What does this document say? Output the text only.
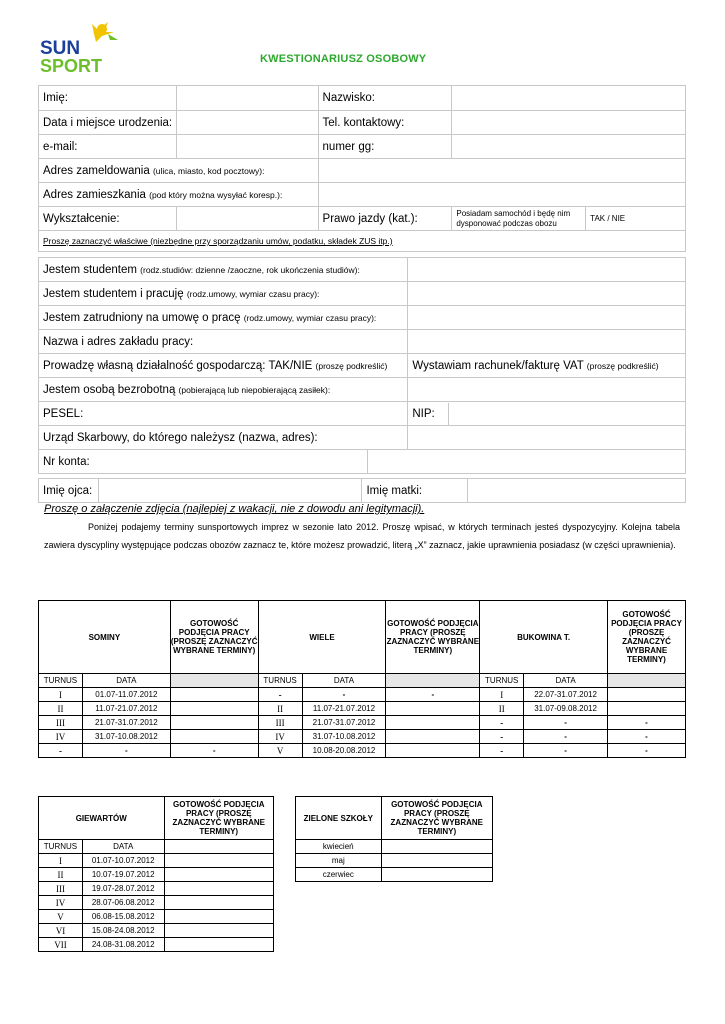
SUN
SPORT	KWESTIONARIUSZ OSOBOWY
Imię:		Nazwisko:		
Data i miejsce urodzenia:		Tel. kontaktowy:		
e-mail:		numer gg:		
Adres zameldowania (ulica, miasto, kod pocztowy):				
Adres zamieszkania (pod który można wysyłać koresp.):				
Wykształcenie:		Prawo jazdy (kat.):	Posiadam samochód i będę nim dysponować podczas obozu	TAK / NIE
Proszę zaznaczyć właściwe (niezbędne przy sporządzaniu umów, podatku, składek ZUS itp.)				
Jestem studentem (rodz.studiów: dzienne /zaoczne, rok ukończenia studiów):	
Jestem studentem i pracuję (rodz.umowy, wymiar czasu pracy):	
Jestem zatrudniony na umowę o pracę (rodz.umowy, wymiar czasu pracy):	
Nazwa i adres zakładu pracy:	
Prowadzę własną działalność gospodarczą: TAK/NIE (proszę podkreślić)	Wystawiam rachunek/fakturę VAT (proszę podkreślić)
Jestem osobą bezrobotną (pobierającą lub niepobierającą zasiłek):	
PESEL:		NIP:	

Urząd Skarbowy, do którego należysz (nazwa, adres):	
Nr konta:	
Imię ojca:		Imię matki:	
Proszę o załączenie zdjęcia (najlepiej z wakacji, nie z dowodu ani legitymacji).
Poniżej podajemy terminy sunsportowych imprez w sezonie lato 2012. Proszę wpisać, w których terminach jesteś dyspozycyjny. Kolejna tabela zawiera dyscypliny występujące podczas obozów zaznacz te, które możesz prowadzić, literą „X” zaznacz, jakie uprawnienia posiadasz (w części uprawnienia).
SOMINY		GOTOWOŚĆ PODJĘCIA PRACY (PROSZĘ ZAZNACZYĆ WYBRANE TERMINY)	WIELE		GOTOWOŚĆ PODJĘCIA PRACY (PROSZĘ ZAZNACZYĆ WYBRANE TERMINY)	BUKOWINA T.		GOTOWOŚĆ PODJĘCIA PRACY (PROSZĘ ZAZNACZYĆ WYBRANE TERMINY)
TURNUS	DATA		TURNUS	DATA		TURNUS	DATA	
I	01.07-11.07.2012		-	-	-	I	22.07-31.07.2012	
II	11.07-21.07.2012		II	11.07-21.07.2012		II	31.07-09.08.2012	
III	21.07-31.07.2012		III	21.07-31.07.2012		-	-	-
IV	31.07-10.08.2012		IV	31.07-10.08.2012		-	-	-
-	-	-	V	10.08-20.08.2012		-	-	-
GIEWARTÓW		GOTOWOŚĆ PODJĘCIA PRACY (PROSZĘ ZAZNACZYĆ WYBRANE TERMINY)
TURNUS	DATA	
I	01.07-10.07.2012	
II	10.07-19.07.2012	
III	19.07-28.07.2012	
IV	28.07-06.08.2012	
V	06.08-15.08.2012	
VI	15.08-24.08.2012	
VII	24.08-31.08.2012	
ZIELONE SZKOŁY	GOTOWOŚĆ PODJĘCIA PRACY (PROSZĘ ZAZNACZYĆ WYBRANE TERMINY)
kwiecień	
maj	
czerwiec	
